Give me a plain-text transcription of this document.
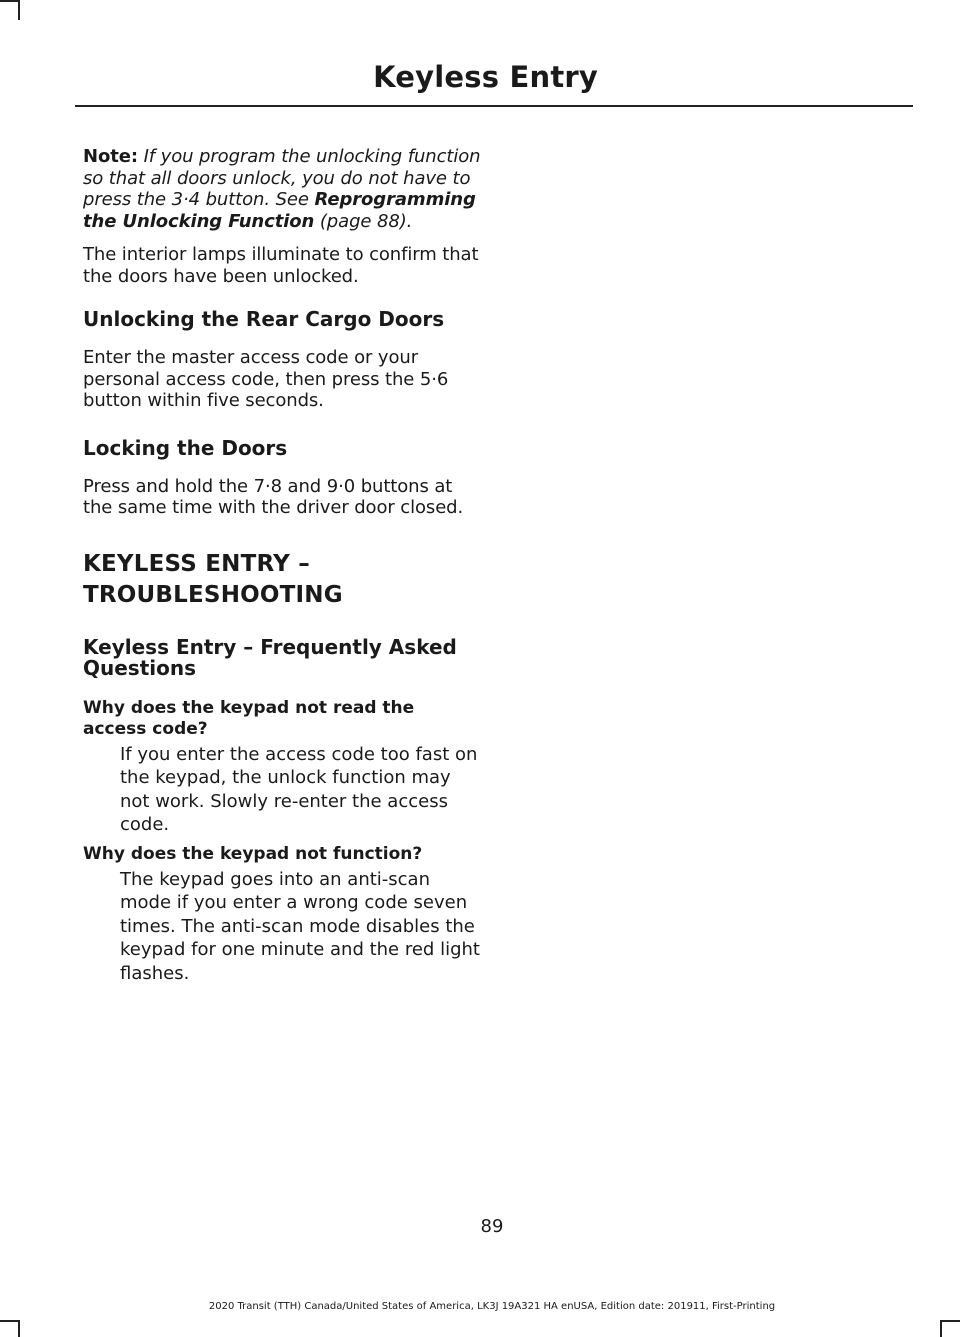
Keyless Entry

Note: If you program the unlocking function so that all doors unlock, you do not have to press the 3·4 button. See Reprogramming the Unlocking Function (page 88).

The interior lamps illuminate to confirm that the doors have been unlocked.

Unlocking the Rear Cargo Doors

Enter the master access code or your personal access code, then press the 5·6 button within five seconds.

Locking the Doors

Press and hold the 7·8 and 9·0 buttons at the same time with the driver door closed.

KEYLESS ENTRY –
TROUBLESHOOTING
Keyless Entry – Frequently Asked Questions
Why does the keypad not read the access code?
If you enter the access code too fast on the keypad, the unlock function may not work. Slowly re-enter the access code.
Why does the keypad not function?
The keypad goes into an anti-scan mode if you enter a wrong code seven times. The anti-scan mode disables the keypad for one minute and the red light flashes.
89
2020 Transit (TTH) Canada/United States of America, LK3J 19A321 HA enUSA, Edition date: 201911, First-Printing
